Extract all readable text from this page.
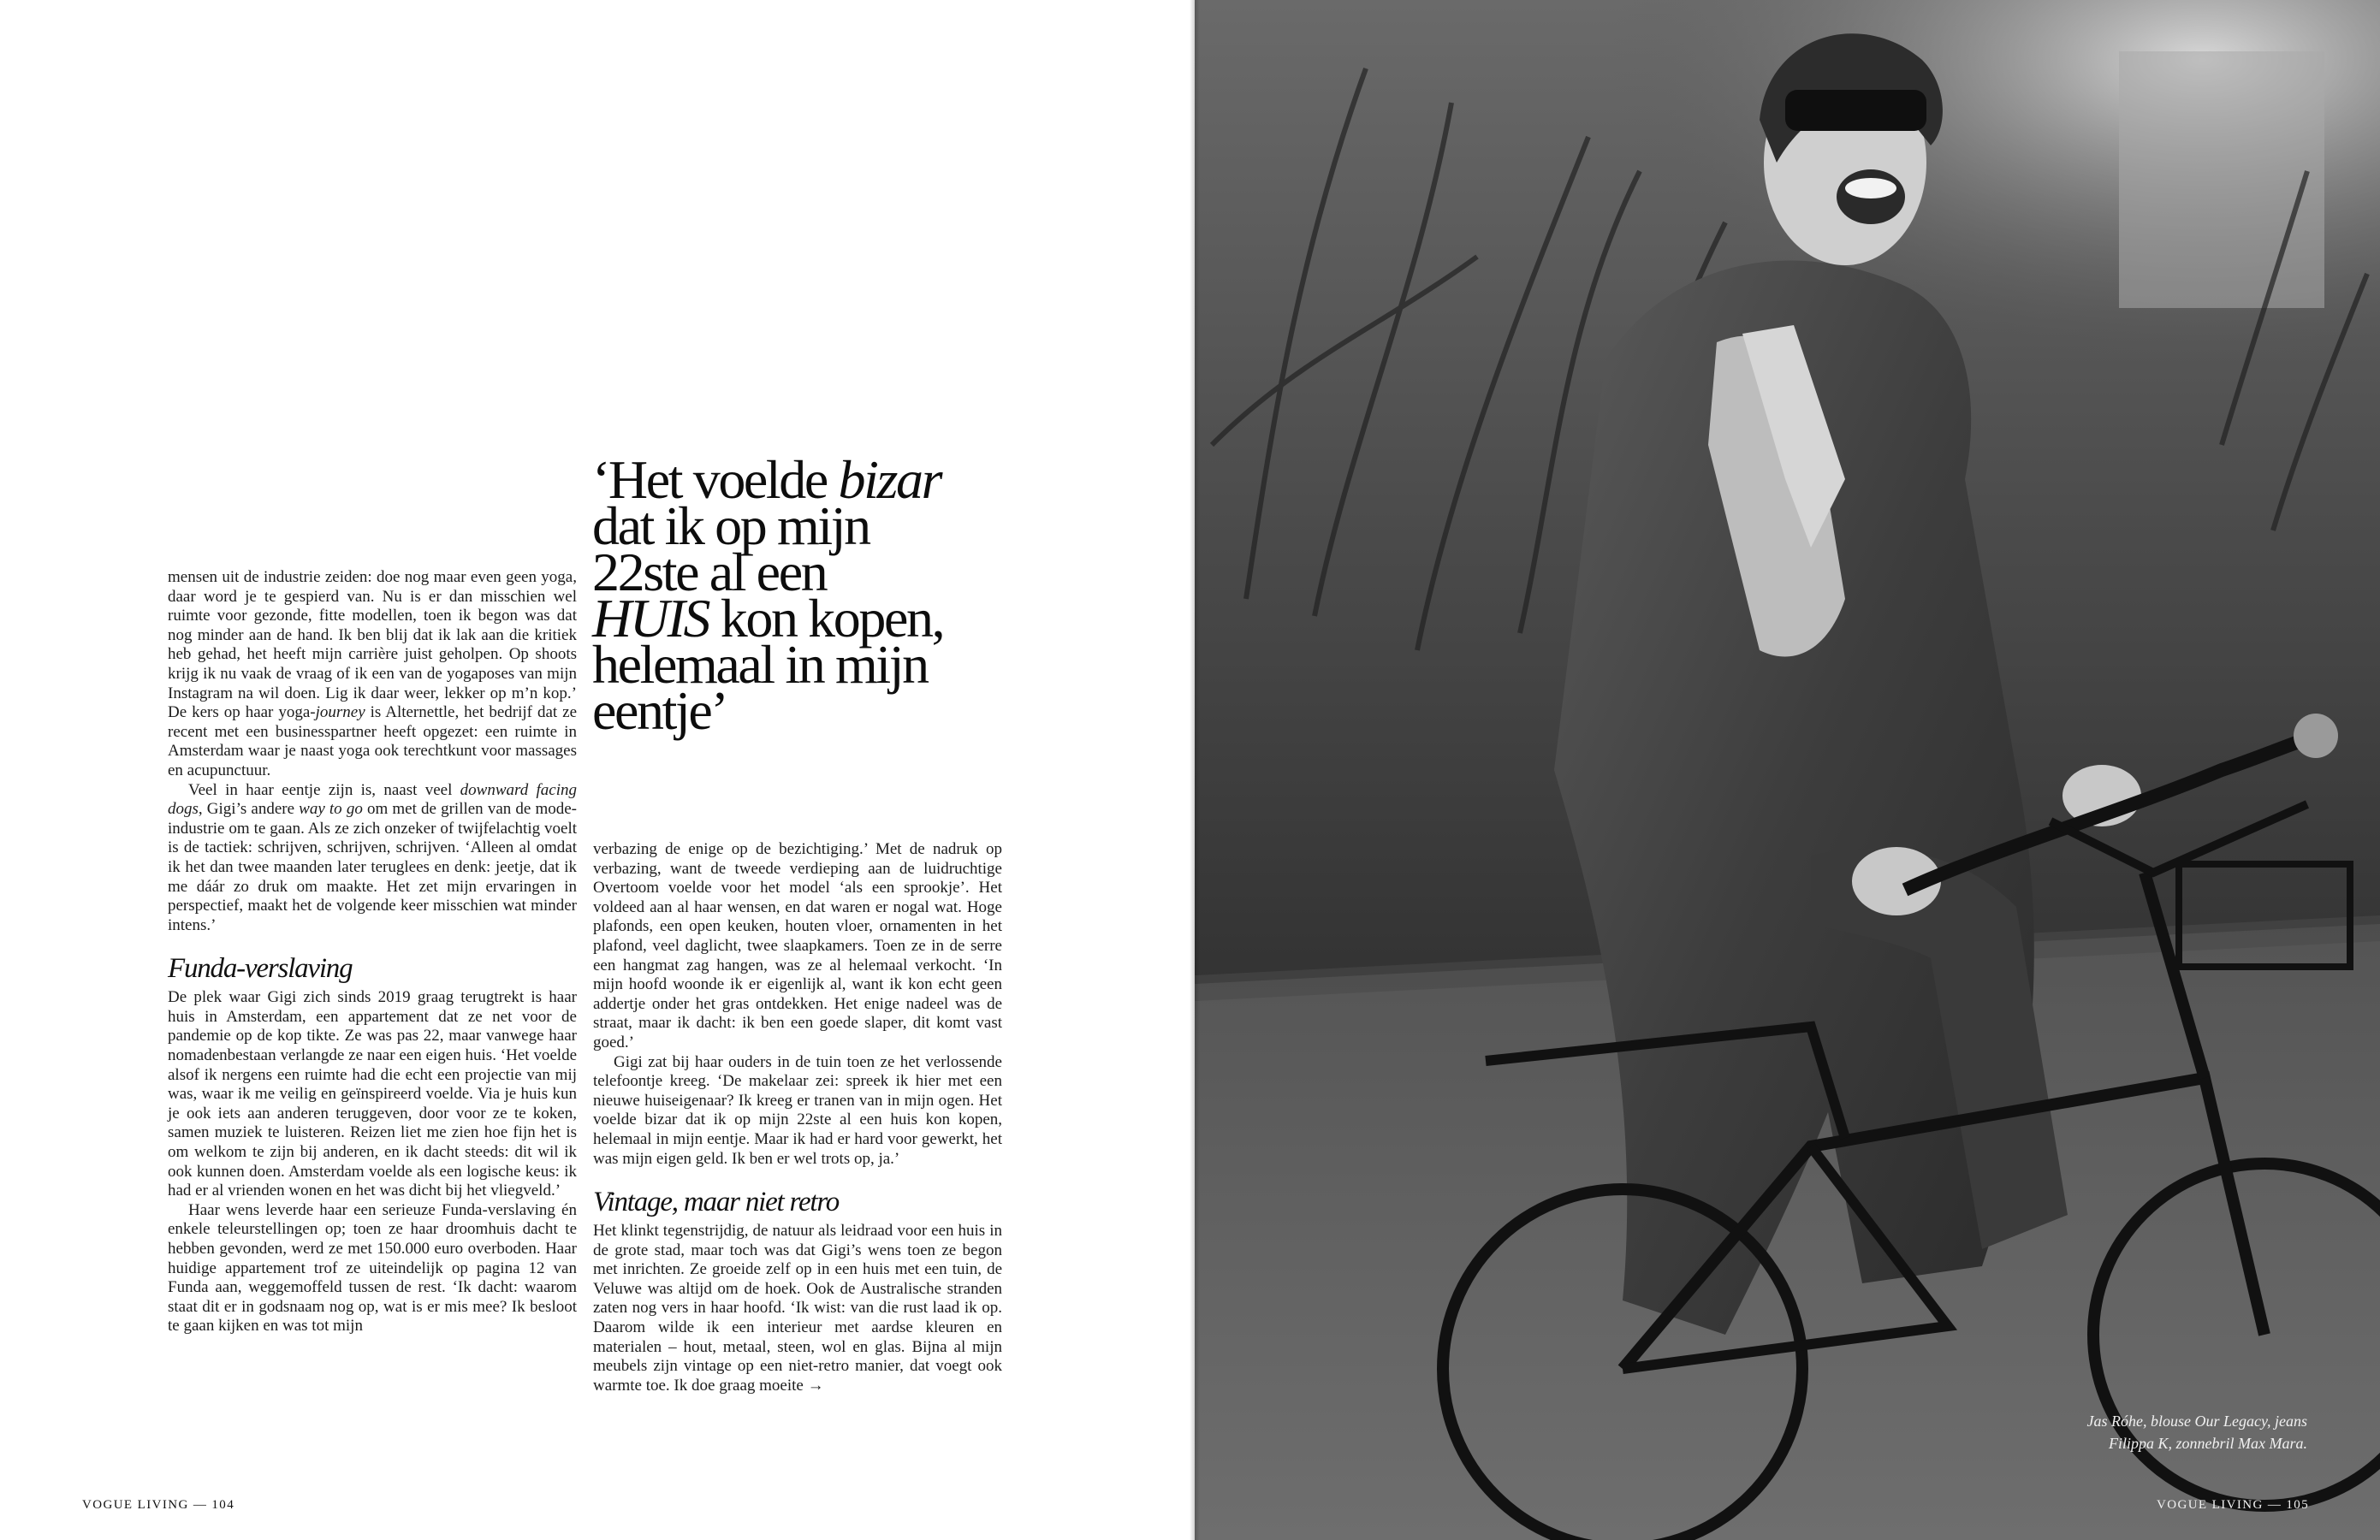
‘Het voelde bizar dat ik op mijn 22ste al een HUIS kon kopen, helemaal in mijn eentje’

mensen uit de industrie zeiden: doe nog maar even geen yoga, daar word je te gespierd van. Nu is er dan misschien wel ruimte voor gezonde, fitte modellen, toen ik begon was dat nog minder aan de hand. Ik ben blij dat ik lak aan die kritiek heb gehad, het heeft mijn carrière juist geholpen. Op shoots krijg ik nu vaak de vraag of ik een van de yogaposes van mijn Instagram na wil doen. Lig ik daar weer, lekker op m’n kop.’ De kers op haar yoga-journey is Alternettle, het bedrijf dat ze recent met een businesspartner heeft opgezet: een ruimte in Amsterdam waar je naast yoga ook terechtkunt voor massages en acupunctuur.

Veel in haar eentje zijn is, naast veel downward facing dogs, Gigi’s andere way to go om met de grillen van de mode-industrie om te gaan. Als ze zich onzeker of twijfelachtig voelt is de tactiek: schrijven, schrijven, schrijven. ‘Alleen al omdat ik het dan twee maanden later teruglees en denk: jeetje, dat ik me dáár zo druk om maakte. Het zet mijn ervaringen in perspectief, maakt het de volgende keer misschien wat minder intens.’

Funda-verslaving

De plek waar Gigi zich sinds 2019 graag terugtrekt is haar huis in Amsterdam, een appartement dat ze net voor de pandemie op de kop tikte. Ze was pas 22, maar vanwege haar nomadenbestaan verlangde ze naar een eigen huis. ‘Het voelde alsof ik nergens een ruimte had die echt een projectie van mij was, waar ik me veilig en geïnspireerd voelde. Via je huis kun je ook iets aan anderen teruggeven, door voor ze te koken, samen muziek te luisteren. Reizen liet me zien hoe fijn het is om welkom te zijn bij anderen, en ik dacht steeds: dit wil ik ook kunnen doen. Amsterdam voelde als een logische keus: ik had er al vrienden wonen en het was dicht bij het vliegveld.’

Haar wens leverde haar een serieuze Funda-verslaving én enkele teleurstellingen op; toen ze haar droomhuis dacht te hebben gevonden, werd ze met 150.000 euro overboden. Haar huidige appartement trof ze uiteindelijk op pagina 12 van Funda aan, weggemoffeld tussen de rest. ‘Ik dacht: waarom staat dit er in godsnaam nog op, wat is er mis mee? Ik besloot te gaan kijken en was tot mijn

verbazing de enige op de bezichtiging.’ Met de nadruk op verbazing, want de tweede verdieping aan de luidruchtige Overtoom voelde voor het model ‘als een sprookje’. Het voldeed aan al haar wensen, en dat waren er nogal wat. Hoge plafonds, een open keuken, houten vloer, ornamenten in het plafond, veel daglicht, twee slaapkamers. Toen ze in de serre een hangmat zag hangen, was ze al helemaal verkocht. ‘In mijn hoofd woonde ik er eigenlijk al, want ik kon echt geen addertje onder het gras ontdekken. Het enige nadeel was de straat, maar ik dacht: ik ben een goede slaper, dit komt vast goed.’

Gigi zat bij haar ouders in de tuin toen ze het verlossende telefoontje kreeg. ‘De makelaar zei: spreek ik hier met een nieuwe huiseigenaar? Ik kreeg er tranen van in mijn ogen. Het voelde bizar dat ik op mijn 22ste al een huis kon kopen, helemaal in mijn eentje. Maar ik had er hard voor gewerkt, het was mijn eigen geld. Ik ben er wel trots op, ja.’

Vintage, maar niet retro

Het klinkt tegenstrijdig, de natuur als leidraad voor een huis in de grote stad, maar toch was dat Gigi’s wens toen ze begon met inrichten. Ze groeide zelf op in een huis met een tuin, de Veluwe was altijd om de hoek. Ook de Australische stranden zaten nog vers in haar hoofd. ‘Ik wist: van die rust laad ik op. Daarom wilde ik een interieur met aardse kleuren en materialen – hout, metaal, steen, wol en glas. Bijna al mijn meubels zijn vintage op een niet-retro manier, dat voegt ook warmte toe. Ik doe graag moeite →

VOGUE LIVING — 104
Jas Róhe, blouse Our Legacy, jeans
Filippa K, zonnebril Max Mara.
VOGUE LIVING — 105
